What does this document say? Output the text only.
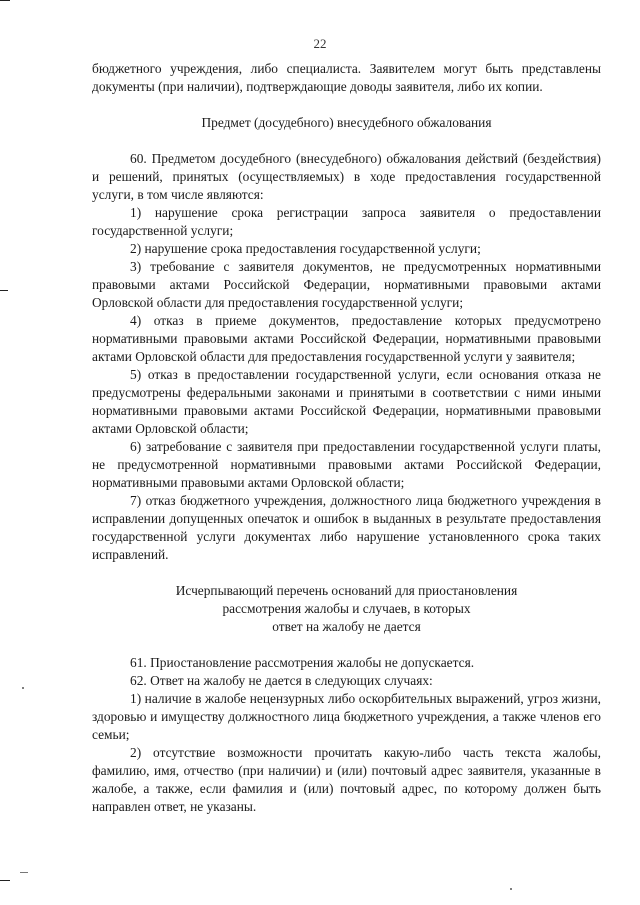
22

бюджетного учреждения, либо специалиста. Заявителем могут быть представлены документы (при наличии), подтверждающие доводы заявителя, либо их копии.

Предмет (досудебного) внесудебного обжалования

60. Предметом досудебного (внесудебного) обжалования действий (бездействия) и решений, принятых (осуществляемых) в ходе предоставления государственной услуги, в том числе являются:

1) нарушение срока регистрации запроса заявителя о предоставлении государственной услуги;

2) нарушение срока предоставления государственной услуги;

3) требование с заявителя документов, не предусмотренных нормативными правовыми актами Российской Федерации, нормативными правовыми актами Орловской области для предоставления государственной услуги;

4) отказ в приеме документов, предоставление которых предусмотрено нормативными правовыми актами Российской Федерации, нормативными правовыми актами Орловской области для предоставления государственной услуги у заявителя;

5) отказ в предоставлении государственной услуги, если основания отказа не предусмотрены федеральными законами и принятыми в соответствии с ними иными нормативными правовыми актами Российской Федерации, нормативными правовыми актами Орловской области;

6) затребование с заявителя при предоставлении государственной услуги платы, не предусмотренной нормативными правовыми актами Российской Федерации, нормативными правовыми актами Орловской области;

7) отказ бюджетного учреждения, должностного лица бюджетного учреждения в исправлении допущенных опечаток и ошибок в выданных в результате предоставления государственной услуги документах либо нарушение установленного срока таких исправлений.

Исчерпывающий перечень оснований для приостановления

рассмотрения жалобы и случаев, в которых

ответ на жалобу не дается

61. Приостановление рассмотрения жалобы не допускается.

62. Ответ на жалобу не дается в следующих случаях:

1) наличие в жалобе нецензурных либо оскорбительных выражений, угроз жизни, здоровью и имуществу должностного лица бюджетного учреждения, а также членов его семьи;

2) отсутствие возможности прочитать какую-либо часть текста жалобы, фамилию, имя, отчество (при наличии) и (или) почтовый адрес заявителя, указанные в жалобе, а также, если фамилия и (или) почтовый адрес, по которому должен быть направлен ответ, не указаны.
